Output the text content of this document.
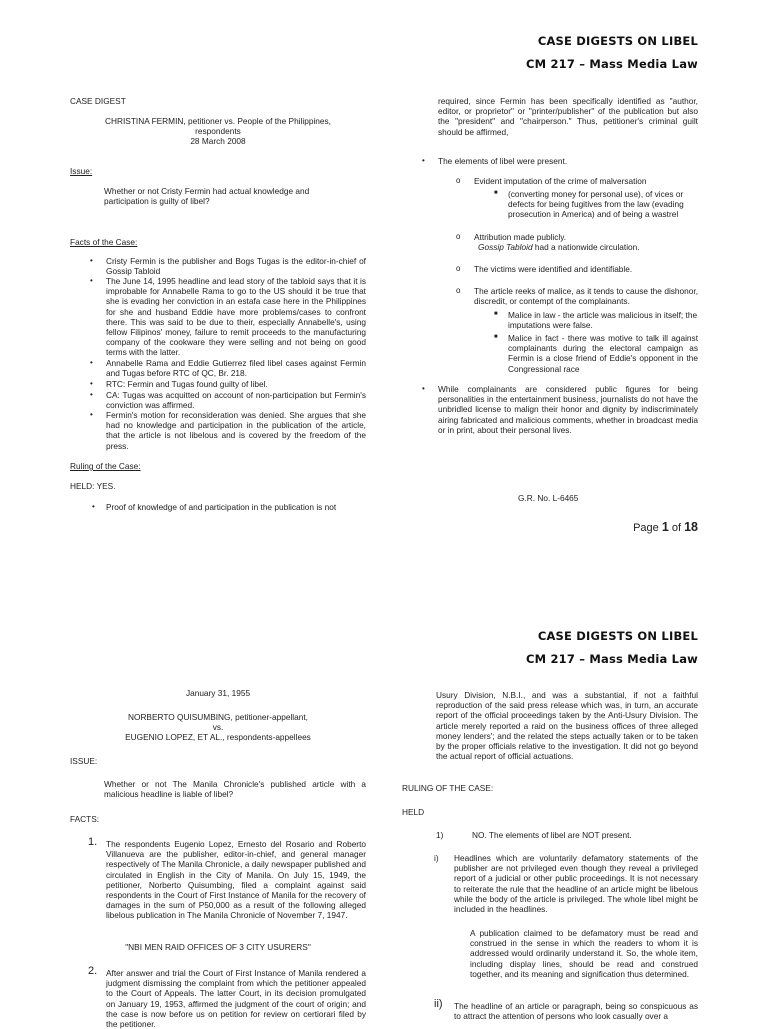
CASE DIGESTS ON LIBEL
CM 217 – Mass Media Law
CASE DIGEST
CHRISTINA FERMIN, petitioner vs. People of the Philippines,
respondents
28 March 2008
Issue:
Whether or not Cristy Fermin had actual knowledge and participation is guilty of libel?
Facts of the Case:
• Cristy Fermin is the publisher and Bogs Tugas is the editor-in-chief of Gossip Tabloid
• The June 14, 1995 headline and lead story of the tabloid says that it is improbable for Annabelle Rama to go to the US should it be true that she is evading her conviction in an estafa case here in the Philippines for she and husband Eddie have more problems/cases to confront there. This was said to be due to their, especially Annabelle's, using fellow Filipinos' money, failure to remit proceeds to the manufacturing company of the cookware they were selling and not being on good terms with the latter.
• Annabelle Rama and Eddie Gutierrez filed libel cases against Fermin and Tugas before RTC of QC, Br. 218.
• RTC: Fermin and Tugas found guilty of libel.
• CA: Tugas was acquitted on account of non-participation but Fermin's conviction was affirmed.
• Fermin's motion for reconsideration was denied. She argues that she had no knowledge and participation in the publication of the article, that the article is not libelous and is covered by the freedom of the press.
Ruling of the Case:
HELD: YES.
• Proof of knowledge of and participation in the publication is not
required, since Fermin has been specifically identified as "author, editor, or proprietor" or "printer/publisher" of the publication but also the "president" and "chairperson." Thus, petitioner's criminal guilt should be affirmed,
• The elements of libel were present.
o Evident imputation of the crime of malversation
■ (converting money for personal use), of vices or defects for being fugitives from the law (evading prosecution in America) and of being a wastrel
o Attribution made publicly.
Gossip Tabloid had a nationwide circulation.
o The victims were identified and identifiable.
o The article reeks of malice, as it tends to cause the dishonor, discredit, or contempt of the complainants.
■ Malice in law - the article was malicious in itself; the imputations were false.
■ Malice in fact - there was motive to talk ill against complainants during the electoral campaign as Fermin is a close friend of Eddie's opponent in the Congressional race
• While complainants are considered public figures for being personalities in the entertainment business, journalists do not have the unbridled license to malign their honor and dignity by indiscriminately airing fabricated and malicious comments, whether in broadcast media or in print, about their personal lives.
G.R. No. L-6465
Page 1 of 18
CASE DIGESTS ON LIBEL
CM 217 – Mass Media Law
January 31, 1955
NORBERTO QUISUMBING, petitioner-appellant,
vs.
EUGENIO LOPEZ, ET AL., respondents-appellees
ISSUE:
Whether or not The Manila Chronicle's published article with a malicious headline is liable of libel?
FACTS:
1. The respondents Eugenio Lopez, Ernesto del Rosario and Roberto Villanueva are the publisher, editor-in-chief, and general manager respectively of The Manila Chronicle, a daily newspaper published and circulated in English in the City of Manila. On July 15, 1949, the petitioner, Norberto Quisumbing, filed a complaint against said respondents in the Court of First Instance of Manila for the recovery of damages in the sum of P50,000 as a result of the following alleged libelous publication in The Manila Chronicle of November 7, 1947.
"NBI MEN RAID OFFICES OF 3 CITY USURERS"
2. After answer and trial the Court of First Instance of Manila rendered a judgment dismissing the complaint from which the petitioner appealed to the Court of Appeals. The latter Court, in its decision promulgated on January 19, 1953, affirmed the judgment of the court of origin; and the case is now before us on petition for review on certiorari filed by the petitioner.
Usury Division, N.B.I., and was a substantial, if not a faithful reproduction of the said press release which was, in turn, an accurate report of the official proceedings taken by the Anti-Usury Division. The article merely reported a raid on the business offices of three alleged money lenders'; and the related the steps actually taken or to be taken by the proper officials relative to the investigation. It did not go beyond the actual report of official actuations.
RULING OF THE CASE:
HELD
1)	NO. The elements of libel are NOT present.
i) Headlines which are voluntarily defamatory statements of the publisher are not privileged even though they reveal a privileged report of a judicial or other public proceedings. It is not necessary to reiterate the rule that the headline of an article might be libelous while the body of the article is privileged. The whole libel might be included in the headlines.
A publication claimed to be defamatory must be read and construed in the sense in which the readers to whom it is addressed would ordinarily understand it. So, the whole item, including display lines, should be read and construed together, and its meaning and signification thus determined.
ii) The headline of an article or paragraph, being so conspicuous as to attract the attention of persons who look casually over a
